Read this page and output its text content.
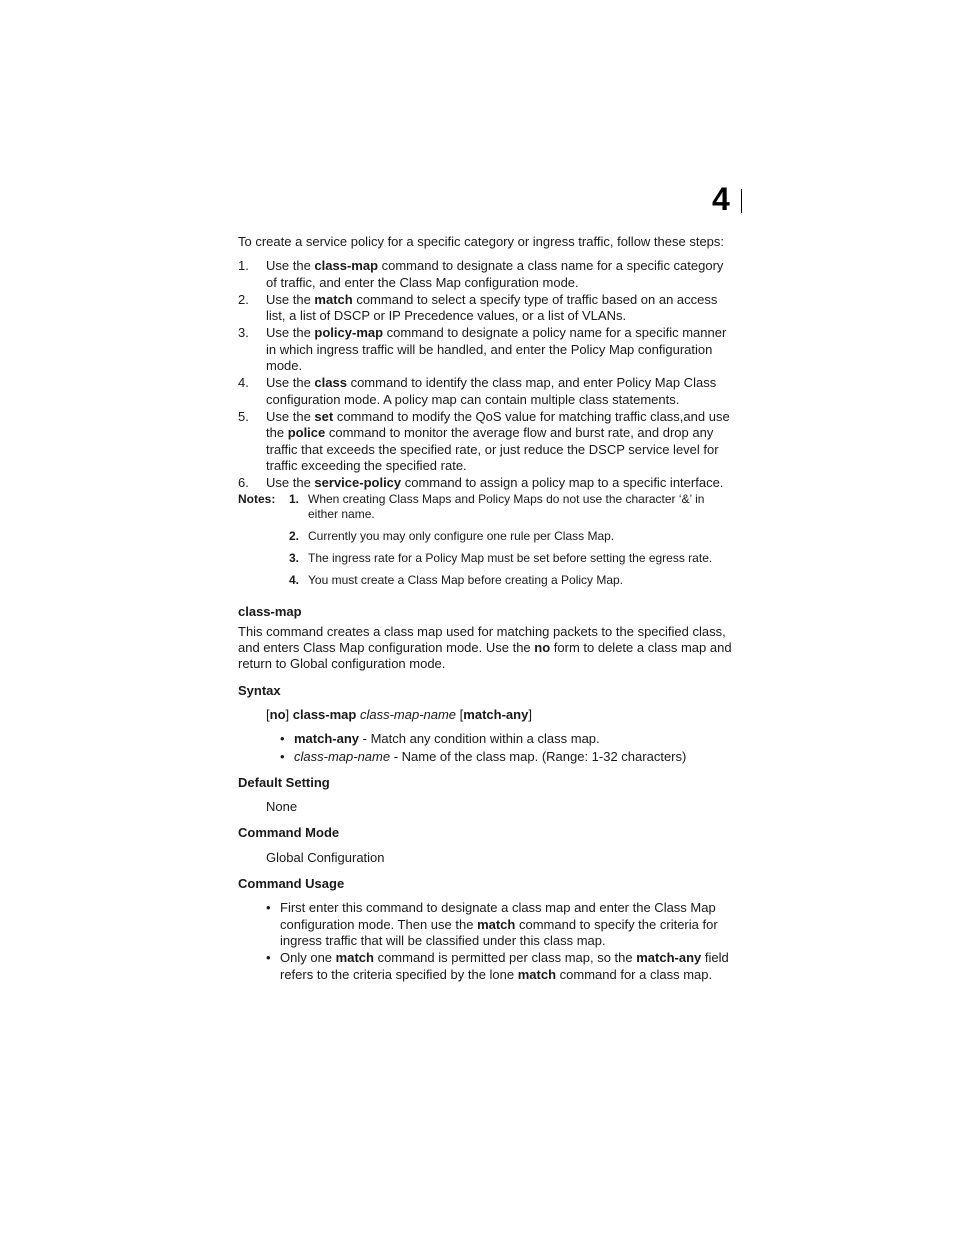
4

To create a service policy for a specific category or ingress traffic, follow these steps:

1. Use the class-map command to designate a class name for a specific category of traffic, and enter the Class Map configuration mode.
2. Use the match command to select a specify type of traffic based on an access list, a list of DSCP or IP Precedence values, or a list of VLANs.
3. Use the policy-map command to designate a policy name for a specific manner in which ingress traffic will be handled, and enter the Policy Map configuration mode.
4. Use the class command to identify the class map, and enter Policy Map Class configuration mode. A policy map can contain multiple class statements.
5. Use the set command to modify the QoS value for matching traffic class,and use the police command to monitor the average flow and burst rate, and drop any traffic that exceeds the specified rate, or just reduce the DSCP service level for traffic exceeding the specified rate.
6. Use the service-policy command to assign a policy map to a specific interface.
Notes: 1. When creating Class Maps and Policy Maps do not use the character ‘&’ in either name.
2. Currently you may only configure one rule per Class Map.
3. The ingress rate for a Policy Map must be set before setting the egress rate.
4. You must create a Class Map before creating a Policy Map.
class-map

This command creates a class map used for matching packets to the specified class, and enters Class Map configuration mode. Use the no form to delete a class map and return to Global configuration mode.

Syntax

[no] class-map class-map-name [match-any]

• match-any - Match any condition within a class map.
• class-map-name - Name of the class map. (Range: 1-32 characters)
Default Setting

None

Command Mode

Global Configuration

Command Usage
• First enter this command to designate a class map and enter the Class Map configuration mode. Then use the match command to specify the criteria for ingress traffic that will be classified under this class map.
• Only one match command is permitted per class map, so the match-any field refers to the criteria specified by the lone match command for a class map.
